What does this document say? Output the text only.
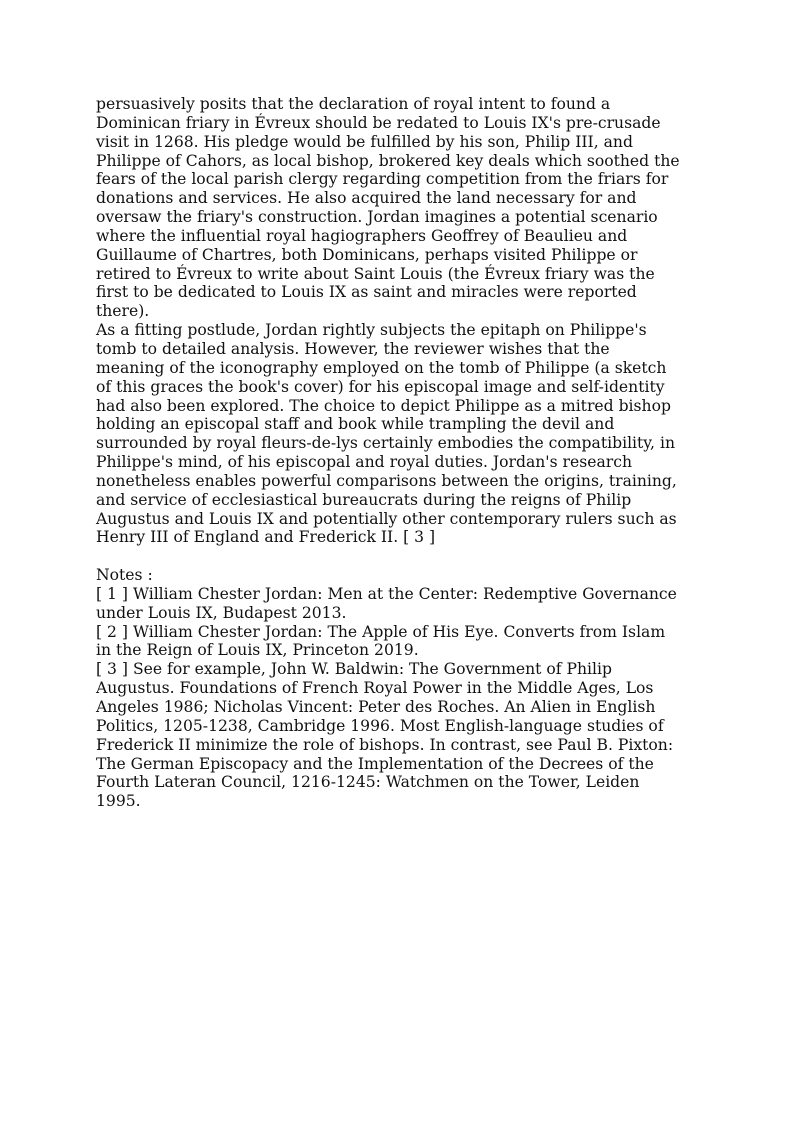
persuasively posits that the declaration of royal intent to found a
Dominican friary in Évreux should be redated to Louis IX's pre-crusade
visit in 1268. His pledge would be fulfilled by his son, Philip III, and
Philippe of Cahors, as local bishop, brokered key deals which soothed the
fears of the local parish clergy regarding competition from the friars for
donations and services. He also acquired the land necessary for and
oversaw the friary's construction. Jordan imagines a potential scenario
where the influential royal hagiographers Geoffrey of Beaulieu and
Guillaume of Chartres, both Dominicans, perhaps visited Philippe or
retired to Évreux to write about Saint Louis (the Évreux friary was the
first to be dedicated to Louis IX as saint and miracles were reported
there).

As a fitting postlude, Jordan rightly subjects the epitaph on Philippe's
tomb to detailed analysis. However, the reviewer wishes that the
meaning of the iconography employed on the tomb of Philippe (a sketch
of this graces the book's cover) for his episcopal image and self-identity
had also been explored. The choice to depict Philippe as a mitred bishop
holding an episcopal staff and book while trampling the devil and
surrounded by royal fleurs-de-lys certainly embodies the compatibility, in
Philippe's mind, of his episcopal and royal duties. Jordan's research
nonetheless enables powerful comparisons between the origins, training,
and service of ecclesiastical bureaucrats during the reigns of Philip
Augustus and Louis IX and potentially other contemporary rulers such as
Henry III of England and Frederick II. [ 3 ]

Notes :

[ 1 ] William Chester Jordan: Men at the Center: Redemptive Governance
under Louis IX, Budapest 2013.

[ 2 ] William Chester Jordan: The Apple of His Eye. Converts from Islam
in the Reign of Louis IX, Princeton 2019.

[ 3 ] See for example, John W. Baldwin: The Government of Philip
Augustus. Foundations of French Royal Power in the Middle Ages, Los
Angeles 1986; Nicholas Vincent: Peter des Roches. An Alien in English
Politics, 1205-1238, Cambridge 1996. Most English-language studies of
Frederick II minimize the role of bishops. In contrast, see Paul B. Pixton:
The German Episcopacy and the Implementation of the Decrees of the
Fourth Lateran Council, 1216-1245: Watchmen on the Tower, Leiden
1995.
